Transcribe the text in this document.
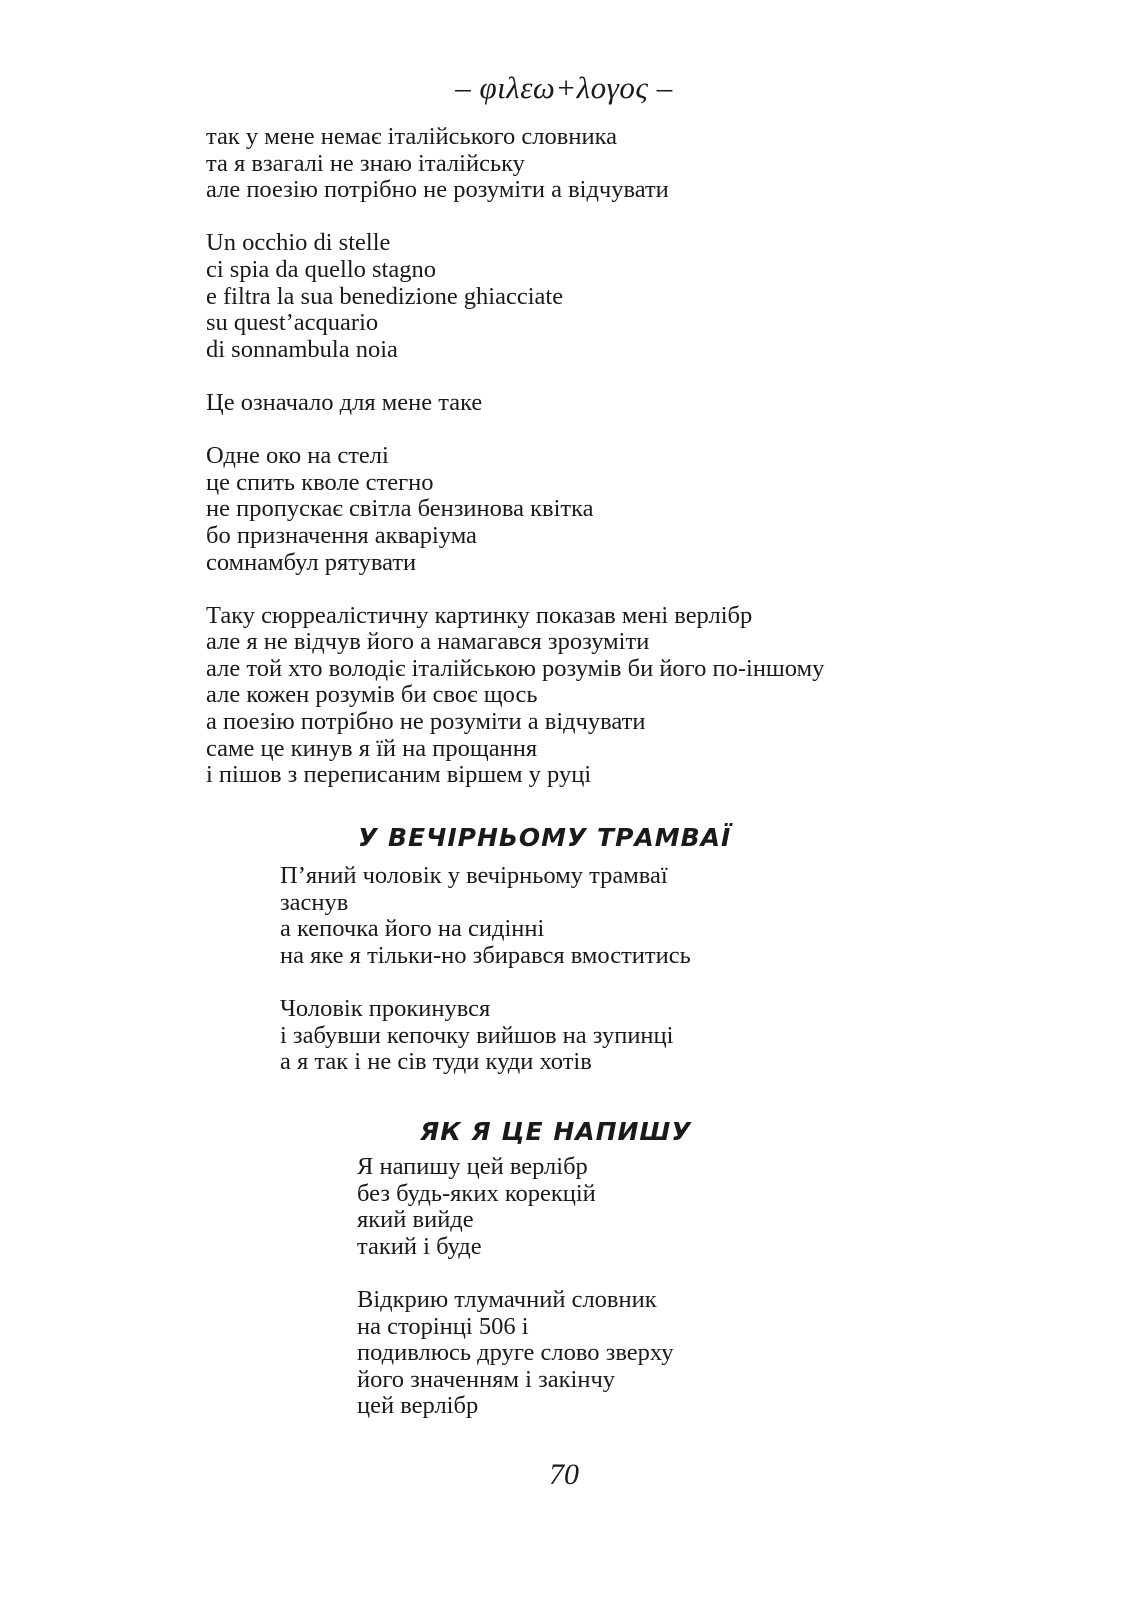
– φιλεω+λογος –
так у мене немає італійського словника
та я взагалі не знаю італійську
але поезію потрібно не розуміти а відчувати
Un occhio di stelle
ci spia da quello stagno
e filtra la sua benedizione ghiacciate
su quest’acquario
di sonnambula noia
Це означало для мене таке
Одне око на стелі
це спить кволе стегно
не пропускає світла бензинова квітка
бо призначення акваріума
сомнамбул рятувати
Таку сюрреалістичну картинку показав мені верлібр
але я не відчув його а намагався зрозуміти
але той хто володіє італійською розумів би його по-іншому
але кожен розумів би своє щось
а поезію потрібно не розуміти а відчувати
саме це кинув я їй на прощання
і пішов з переписаним віршем у руці
У ВЕЧІРНЬОМУ ТРАМВАЇ
П’яний чоловік у вечірньому трамваї
заснув
а кепочка його на сидінні
на яке я тільки-но збирався вмоститись
Чоловік прокинувся
і забувши кепочку вийшов на зупинці
а я так і не сів туди куди хотів
ЯК Я ЦЕ НАПИШУ
Я напишу цей верлібр
без будь-яких корекцій
який вийде
такий і буде
Відкрию тлумачний словник
на сторінці 506 і
подивлюсь друге слово зверху
його значенням і закінчу
цей верлібр
70
